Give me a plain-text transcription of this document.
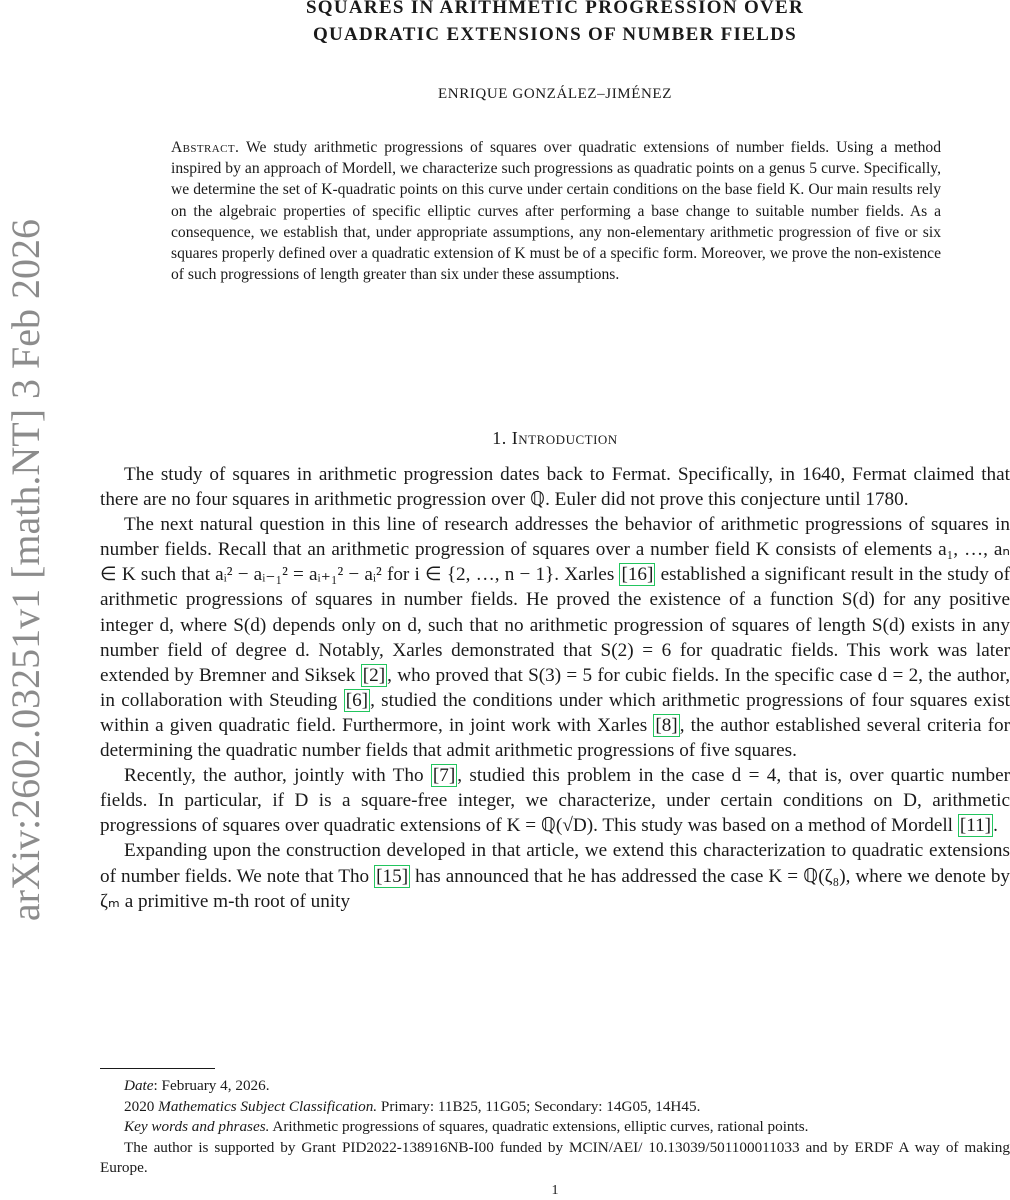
arXiv:2602.03251v1 [math.NT] 3 Feb 2026
SQUARES IN ARITHMETIC PROGRESSION OVER
QUADRATIC EXTENSIONS OF NUMBER FIELDS
ENRIQUE GONZÁLEZ–JIMÉNEZ
Abstract. We study arithmetic progressions of squares over quadratic extensions of number fields. Using a method inspired by an approach of Mordell, we characterize such progressions as quadratic points on a genus 5 curve. Specifically, we determine the set of K-quadratic points on this curve under certain conditions on the base field K. Our main results rely on the algebraic properties of specific elliptic curves after performing a base change to suitable number fields. As a consequence, we establish that, under appropriate assumptions, any non-elementary arithmetic progression of five or six squares properly defined over a quadratic extension of K must be of a specific form. Moreover, we prove the non-existence of such progressions of length greater than six under these assumptions.
1. Introduction

The study of squares in arithmetic progression dates back to Fermat. Specifically, in 1640, Fermat claimed that there are no four squares in arithmetic progression over ℚ. Euler did not prove this conjecture until 1780.

The next natural question in this line of research addresses the behavior of arithmetic progressions of squares in number fields. Recall that an arithmetic progression of squares over a number field K consists of elements a₁, …, aₙ ∈ K such that aᵢ² − aᵢ₋₁² = aᵢ₊₁² − aᵢ² for i ∈ {2, …, n − 1}. Xarles [16] established a significant result in the study of arithmetic progressions of squares in number fields. He proved the existence of a function S(d) for any positive integer d, where S(d) depends only on d, such that no arithmetic progression of squares of length S(d) exists in any number field of degree d. Notably, Xarles demonstrated that S(2) = 6 for quadratic fields. This work was later extended by Bremner and Siksek [2] , who proved that S(3) = 5 for cubic fields. In the specific case d = 2, the author, in collaboration with Steuding [6] , studied the conditions under which arithmetic progressions of four squares exist within a given quadratic field. Furthermore, in joint work with Xarles [8] , the author established several criteria for determining the quadratic number fields that admit arithmetic progressions of five squares.

Recently, the author, jointly with Tho [7] , studied this problem in the case d = 4, that is, over quartic number fields. In particular, if D is a square-free integer, we characterize, under certain conditions on D, arithmetic progressions of squares over quadratic extensions of K = ℚ(√D). This study was based on a method of Mordell [11] .

Expanding upon the construction developed in that article, we extend this characterization to quadratic extensions of number fields. We note that Tho [15] has announced that he has addressed the case K = ℚ(ζ₈), where we denote by ζₘ a primitive m-th root of unity

Date: February 4, 2026.

2020 Mathematics Subject Classification. Primary: 11B25, 11G05; Secondary: 14G05, 14H45.

Key words and phrases. Arithmetic progressions of squares, quadratic extensions, elliptic curves, rational points.

The author is supported by Grant PID2022-138916NB-I00 funded by MCIN/AEI/ 10.13039/501100011033 and by ERDF A way of making Europe.

1
